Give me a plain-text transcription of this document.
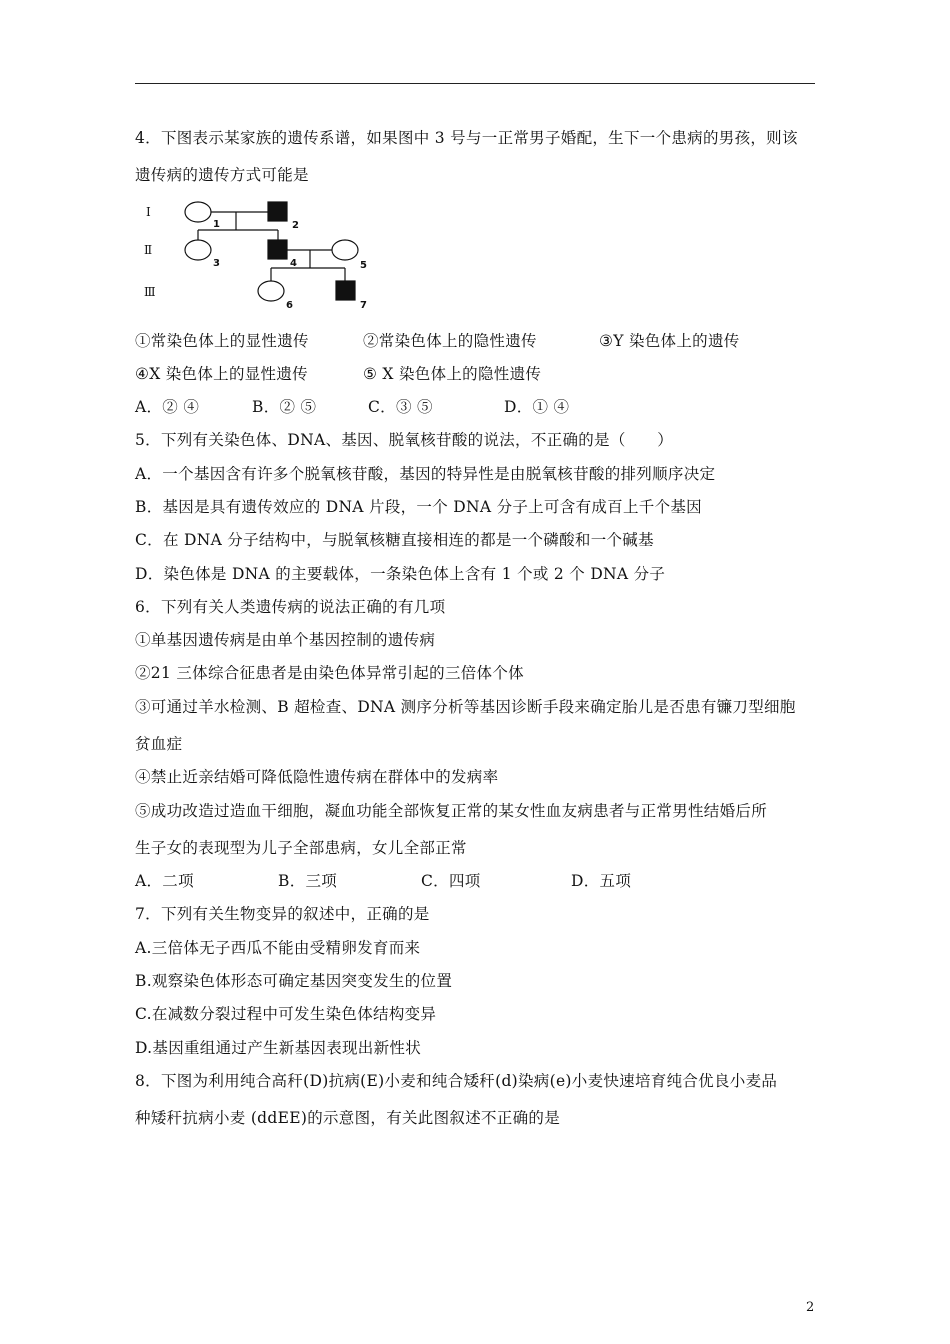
4．下图表示某家族的遗传系谱，如果图中 3 号与一正常男子婚配，生下一个患病的男孩，则该
遗传病的遗传方式可能是
Ⅰ
Ⅱ
Ⅲ
1	2
3	4	5
6	7
①常染色体上的显性遗传	②常染色体上的隐性遗传	③Y 染色体上的遗传
④X 染色体上的显性遗传	⑤ X 染色体上的隐性遗传
A．② ④	B．② ⑤	C．③ ⑤	D．① ④
5．下列有关染色体、DNA、基因、脱氧核苷酸的说法，不正确的是（　　）
A．一个基因含有许多个脱氧核苷酸，基因的特异性是由脱氧核苷酸的排列顺序决定
B．基因是具有遗传效应的 DNA 片段，一个 DNA 分子上可含有成百上千个基因
C．在 DNA 分子结构中，与脱氧核糖直接相连的都是一个磷酸和一个碱基
D．染色体是 DNA 的主要载体，一条染色体上含有 1 个或 2 个 DNA 分子
6．下列有关人类遗传病的说法正确的有几项
①单基因遗传病是由单个基因控制的遗传病
②21 三体综合征患者是由染色体异常引起的三倍体个体
③可通过羊水检测、B 超检查、DNA 测序分析等基因诊断手段来确定胎儿是否患有镰刀型细胞
贫血症
④禁止近亲结婚可降低隐性遗传病在群体中的发病率
⑤成功改造过造血干细胞，凝血功能全部恢复正常的某女性血友病患者与正常男性结婚后所
生子女的表现型为儿子全部患病，女儿全部正常
A．二项	B．三项	C．四项	D．五项
7．下列有关生物变异的叙述中，正确的是
A.三倍体无子西瓜不能由受精卵发育而来
B.观察染色体形态可确定基因突变发生的位置
C.在减数分裂过程中可发生染色体结构变异
D.基因重组通过产生新基因表现出新性状
8．下图为利用纯合高秆(D)抗病(E)小麦和纯合矮秆(d)染病(e)小麦快速培育纯合优良小麦品
种矮秆抗病小麦 (ddEE)的示意图，有关此图叙述不正确的是
2
